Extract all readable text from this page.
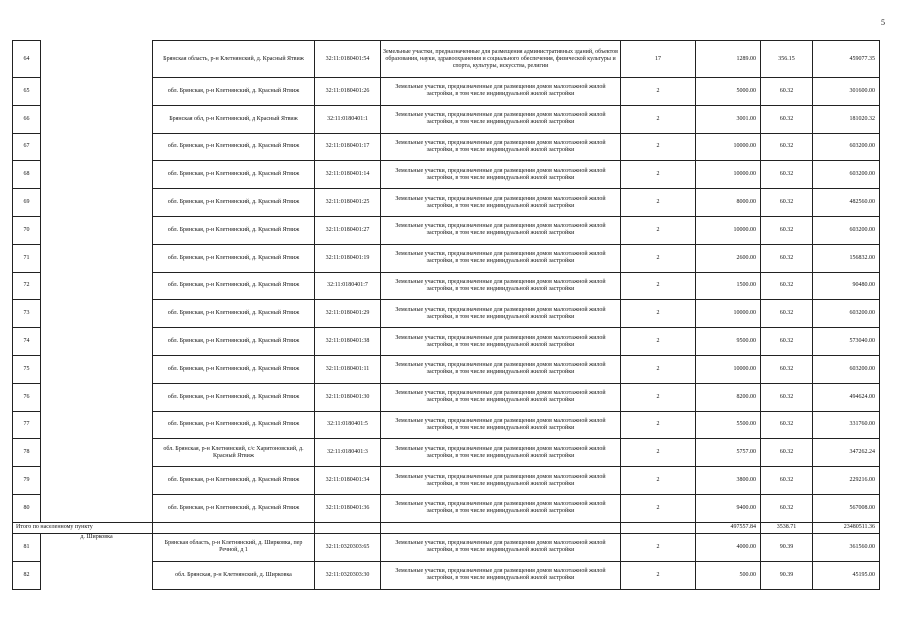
5
64		Брянская область, р-н Клетнянский, д. Красный Ятвиж	32:11:0180401:54	Земельные участки, предназначенные для размещения административных зданий, объектов образования, науки, здравоохранения и социального обеспечения, физической культуры и спорта, культуры, искусства, религии	17	1289.00	356.15	459077.35
65		обл. Брянская, р-н Клетнянский, д. Красный Ятвиж	32:11:0180401:26	Земельные участки, предназначенные для размещения домов малоэтажной жилой застройки, в том числе индивидуальной жилой застройки	2	5000.00	60.32	301600.00
66		Брянская обл, р-н Клетнянский, д Красный Ятвиж	32:11:0180401:1	Земельные участки, предназначенные для размещения домов малоэтажной жилой застройки, в том числе индивидуальной жилой застройки	2	3001.00	60.32	181020.32
67		обл. Брянская, р-н Клетнянский, д. Красный Ятвиж	32:11:0180401:17	Земельные участки, предназначенные для размещения домов малоэтажной жилой застройки, в том числе индивидуальной жилой застройки	2	10000.00	60.32	603200.00
68		обл. Брянская, р-н Клетнянский, д. Красный Ятвиж	32:11:0180401:14	Земельные участки, предназначенные для размещения домов малоэтажной жилой застройки, в том числе индивидуальной жилой застройки	2	10000.00	60.32	603200.00
69		обл. Брянская, р-н Клетнянский, д. Красный Ятвиж	32:11:0180401:25	Земельные участки, предназначенные для размещения домов малоэтажной жилой застройки, в том числе индивидуальной жилой застройки	2	8000.00	60.32	482560.00
70		обл. Брянская, р-н Клетнянский, д. Красный Ятвиж	32:11:0180401:27	Земельные участки, предназначенные для размещения домов малоэтажной жилой застройки, в том числе индивидуальной жилой застройки	2	10000.00	60.32	603200.00
71		обл. Брянская, р-н Клетнянский, д. Красный Ятвиж	32:11:0180401:19	Земельные участки, предназначенные для размещения домов малоэтажной жилой застройки, в том числе индивидуальной жилой застройки	2	2600.00	60.32	156832.00
72		обл. Брянская, р-н Клетнянский, д. Красный Ятвиж	32:11:0180401:7	Земельные участки, предназначенные для размещения домов малоэтажной жилой застройки, в том числе индивидуальной жилой застройки	2	1500.00	60.32	90480.00
73		обл. Брянская, р-н Клетнянский, д. Красный Ятвиж	32:11:0180401:29	Земельные участки, предназначенные для размещения домов малоэтажной жилой застройки, в том числе индивидуальной жилой застройки	2	10000.00	60.32	603200.00
74		обл. Брянская, р-н Клетнянский, д. Красный Ятвиж	32:11:0180401:38	Земельные участки, предназначенные для размещения домов малоэтажной жилой застройки, в том числе индивидуальной жилой застройки	2	9500.00	60.32	573040.00
75		обл. Брянская, р-н Клетнянский, д. Красный Ятвиж	32:11:0180401:11	Земельные участки, предназначенные для размещения домов малоэтажной жилой застройки, в том числе индивидуальной жилой застройки	2	10000.00	60.32	603200.00
76		обл. Брянская, р-н Клетнянский, д. Красный Ятвиж	32:11:0180401:30	Земельные участки, предназначенные для размещения домов малоэтажной жилой застройки, в том числе индивидуальной жилой застройки	2	8200.00	60.32	494624.00
77		обл. Брянская, р-н Клетнянский, д. Красный Ятвиж	32:11:0180401:5	Земельные участки, предназначенные для размещения домов малоэтажной жилой застройки, в том числе индивидуальной жилой застройки	2	5500.00	60.32	331760.00
78		обл. Брянская, р-н Клетнянский, с/с Харитоновский, д. Красный Ятвиж	32:11:0180401:3	Земельные участки, предназначенные для размещения домов малоэтажной жилой застройки, в том числе индивидуальной жилой застройки	2	5757.00	60.32	347262.24
79		обл. Брянская, р-н Клетнянский, д. Красный Ятвиж	32:11:0180401:34	Земельные участки, предназначенные для размещения домов малоэтажной жилой застройки, в том числе индивидуальной жилой застройки	2	3800.00	60.32	229216.00
80		обл. Брянская, р-н Клетнянский, д. Красный Ятвиж	32:11:0180401:36	Земельные участки, предназначенные для размещения домов малоэтажной жилой застройки, в том числе индивидуальной жилой застройки	2	9400.00	60.32	567008.00
Итого по населенному пункту						497557.84	3538.71	23480511.36
81	д. Ширковка	Брянская область, р-н Клетнянский, д. Ширковка, пер Речной, д 1	32:11:0320303:65	Земельные участки, предназначенные для размещения домов малоэтажной жилой застройки, в том числе индивидуальной жилой застройки	2	4000.00	90.39	361560.00
82		обл. Брянская, р-н Клетнянский, д. Ширковка	32:11:0320303:30	Земельные участки, предназначенные для размещения домов малоэтажной жилой застройки, в том числе индивидуальной жилой застройки	2	500.00	90.39	45195.00
